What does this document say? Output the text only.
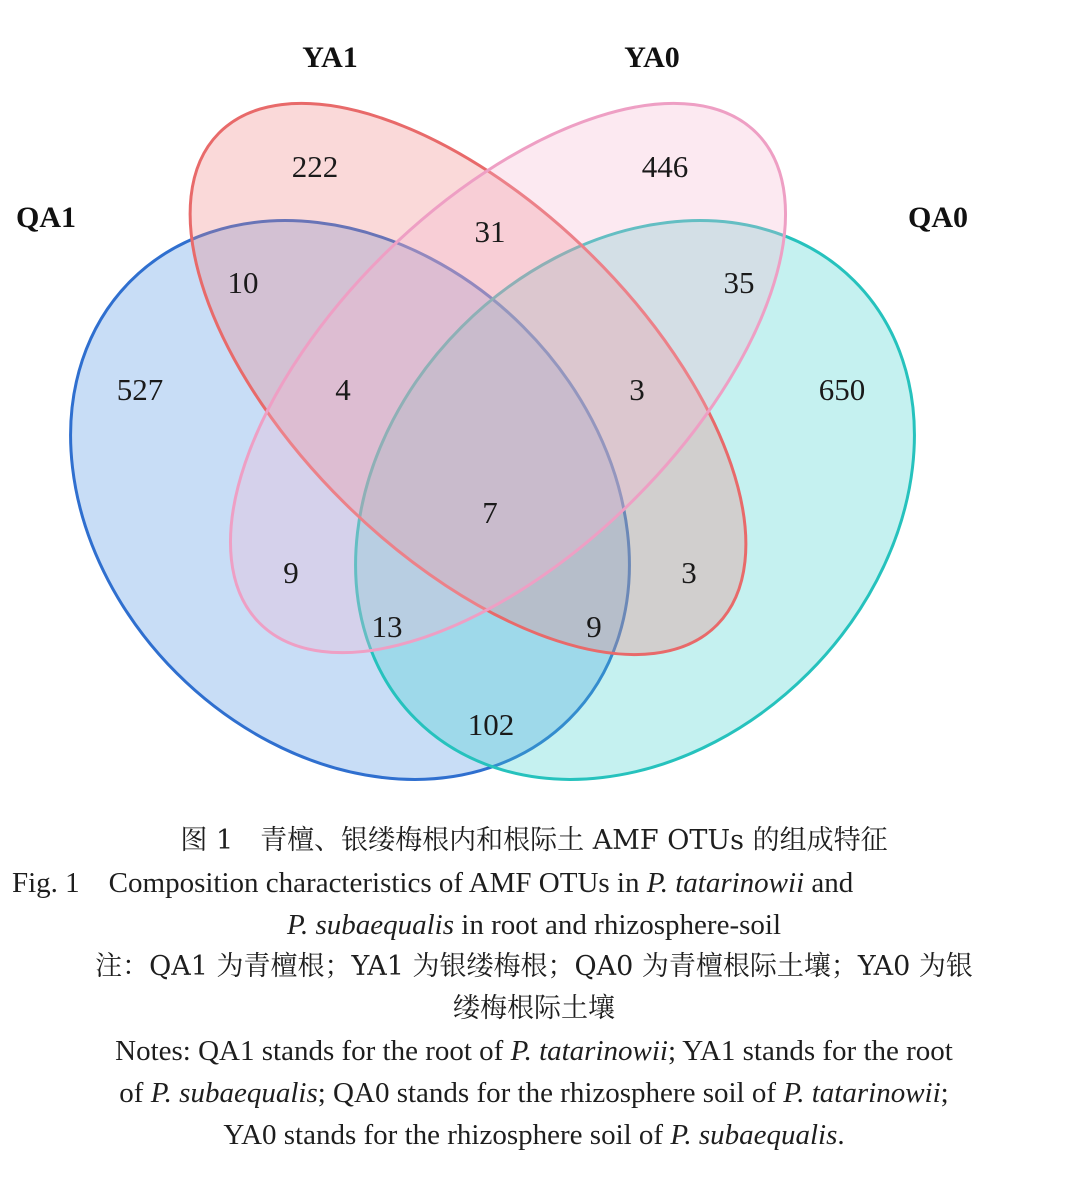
YA1	YA0
QA1	QA0
222	446
31
10	35
527	4	3	650
7
9	3
13	9
102

图 1　青檀、银缕梅根内和根际土 AMF OTUs 的组成特征

Fig. 1　Composition characteristics of AMF OTUs in P. tatarinowii and

P. subaequalis in root and rhizosphere-soil

注：QA1 为青檀根；YA1 为银缕梅根；QA0 为青檀根际土壤；YA0 为银

缕梅根际土壤

Notes: QA1 stands for the root of P. tatarinowii; YA1 stands for the root

of P. subaequalis; QA0 stands for the rhizosphere soil of P. tatarinowii;

YA0 stands for the rhizosphere soil of P. subaequalis.
